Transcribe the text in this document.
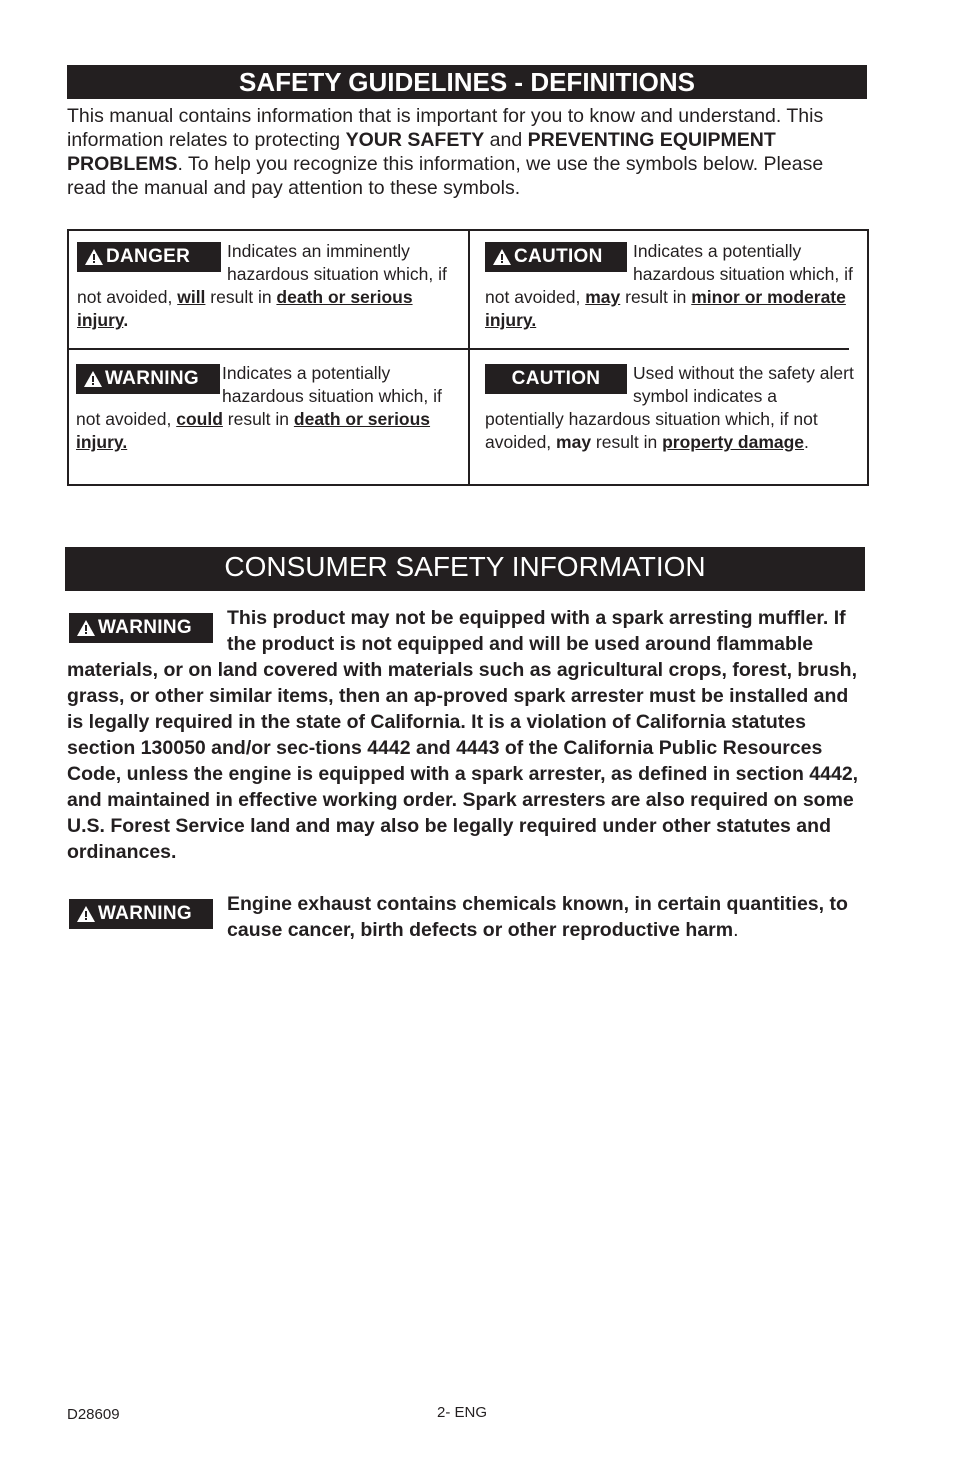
SAFETY GUIDELINES - DEFINITIONS
This manual contains information that is important for you to know and understand. This information relates to protecting YOUR SAFETY and PREVENTING EQUIPMENT PROBLEMS. To help you recognize this information, we use the symbols below. Please read the manual and pay attention to these symbols.
DANGER	Indicates an imminently hazardous situation which, if not avoided, will result in death or serious injury.
CAUTION	Indicates a potentially hazardous situation which, if not avoided, may result in minor or moderate injury.
WARNING	Indicates a potentially hazardous situation which, if not avoided, could result in death or serious injury.
CAUTION	Used without the safety alert symbol indicates a potentially hazardous situation which, if not avoided, may result in property damage.
CONSUMER SAFETY INFORMATION
WARNING	This product may not be equipped with a spark arresting muffler. If the product is not equipped and will be used around flammable materials, or on land covered with materials such as agricultural crops, forest, brush, grass, or other similar items, then an ap-proved spark arrester must be installed and is legally required in the state of California. It is a violation of California statutes section 130050 and/or sec-tions 4442 and 4443 of the California Public Resources Code, unless the engine is equipped with a spark arrester, as defined in section 4442, and maintained in effective working order. Spark arresters are also required on some U.S. Forest Service land and may also be legally required under other statutes and ordinances.
WARNING	Engine exhaust contains chemicals known, in certain quantities, to cause cancer, birth defects or other reproductive harm.
D28609	2- ENG
